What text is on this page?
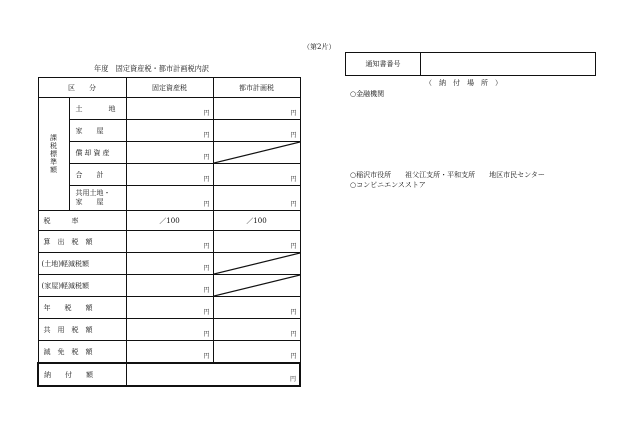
（第2片）
年度　固定資産税・都市計画税内訳
区　　分		固定資産税	都市計画税

課税標準額	土　　地	円	円
	家　　屋	円	円
	償却資産	円	

	合　　計	円	円

	共用土地・
家　　屋	円	円
税　　　率		／100	／100
算　出　税　額		円	円
(土地)軽減税額		円	

(家屋)軽減税額		円	

年　　税　　額		円	円
共　用　税　額		円	円
減　免　税　額		円	円
納　　付　　額		円	
通知書番号	
（　納　付　場　所　）
○金融機関
○稲沢市役所　　祖父江支所・平和支所　　地区市民センター
○コンビニエンスストア
